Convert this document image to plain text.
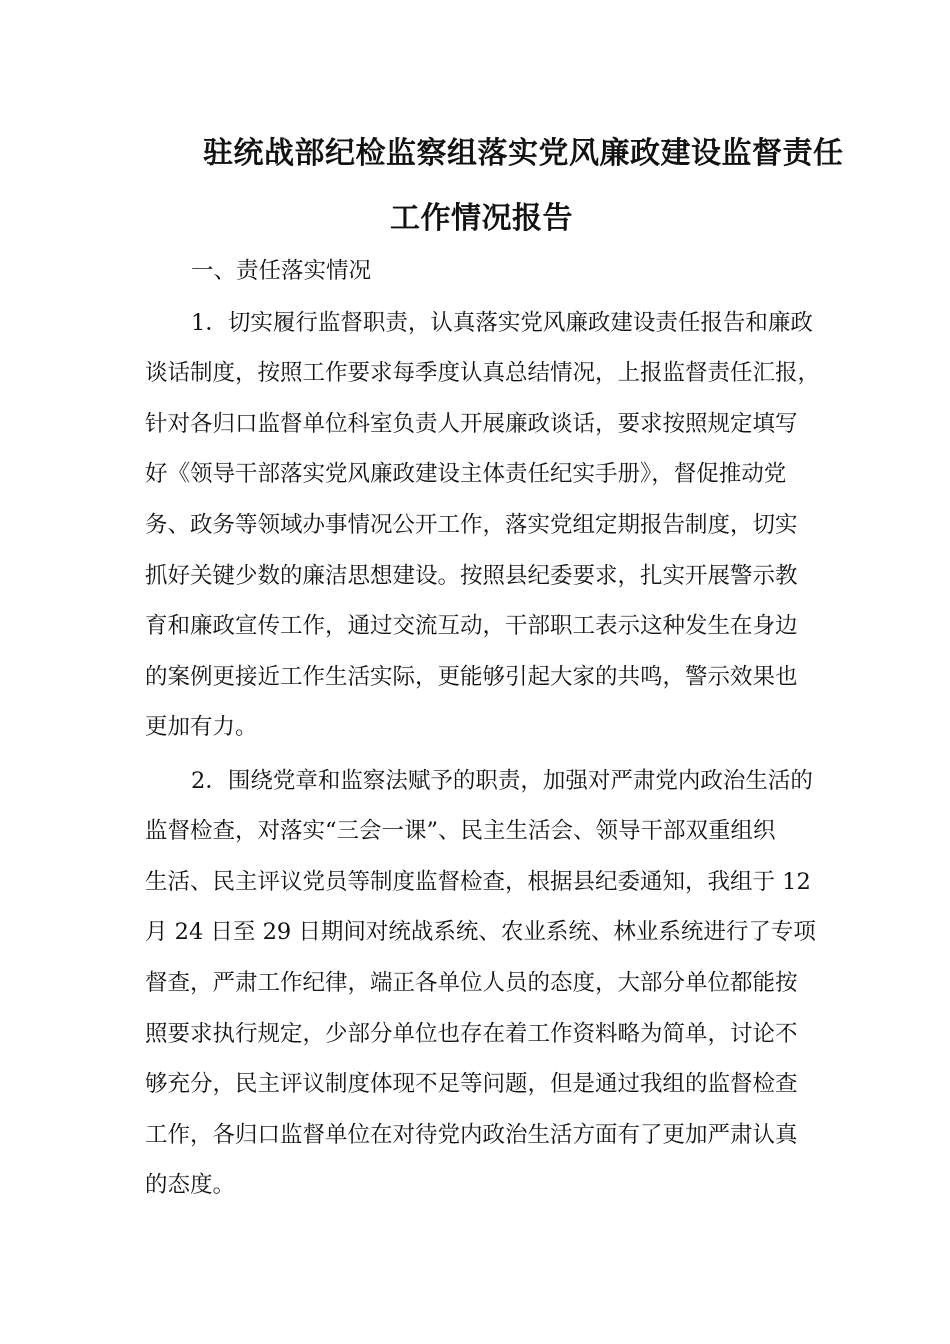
驻统战部纪检监察组落实党风廉政建设监督责任
工作情况报告
一、责任落实情况
1．切实履行监督职责，认真落实党风廉政建设责任报告和廉政
谈话制度，按照工作要求每季度认真总结情况，上报监督责任汇报，
针对各归口监督单位科室负责人开展廉政谈话，要求按照规定填写
好《领导干部落实党风廉政建设主体责任纪实手册》，督促推动党
务、政务等领域办事情况公开工作，落实党组定期报告制度，切实
抓好关键少数的廉洁思想建设。按照县纪委要求，扎实开展警示教
育和廉政宣传工作，通过交流互动，干部职工表示这种发生在身边
的案例更接近工作生活实际，更能够引起大家的共鸣，警示效果也
更加有力。
2．围绕党章和监察法赋予的职责，加强对严肃党内政治生活的
监督检查，对落实“三会一课”、民主生活会、领导干部双重组织
生活、民主评议党员等制度监督检查，根据县纪委通知，我组于 12
月 24 日至 29 日期间对统战系统、农业系统、林业系统进行了专项
督查，严肃工作纪律，端正各单位人员的态度，大部分单位都能按
照要求执行规定，少部分单位也存在着工作资料略为简单，讨论不
够充分，民主评议制度体现不足等问题，但是通过我组的监督检查
工作，各归口监督单位在对待党内政治生活方面有了更加严肃认真
的态度。
